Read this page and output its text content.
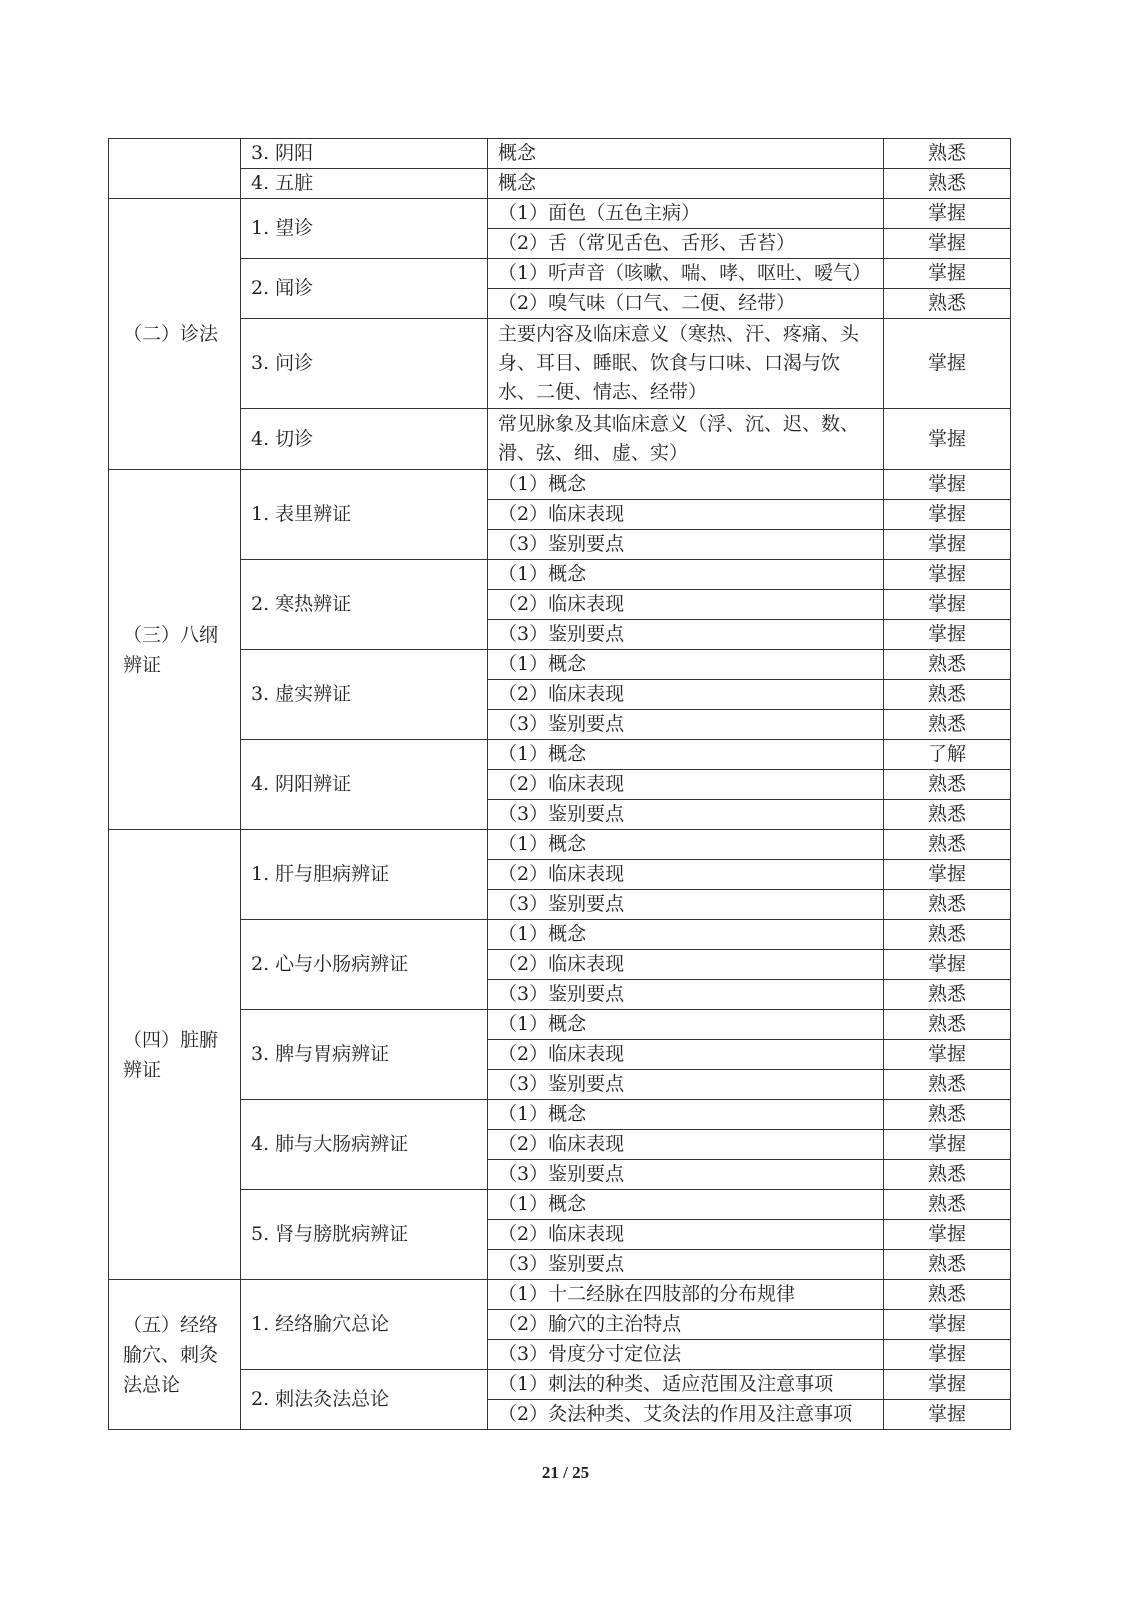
	3. 阴阳	概念	熟悉
	4. 五脏	概念	熟悉
（二）诊法	1. 望诊	（1）面色（五色主病）	掌握
		（2）舌（常见舌色、舌形、舌苔）	掌握
	2. 闻诊	（1）听声音（咳嗽、喘、哮、呕吐、嗳气）	掌握
		（2）嗅气味（口气、二便、经带）	熟悉
	3. 问诊	主要内容及临床意义（寒热、汗、疼痛、头身、耳目、睡眠、饮食与口味、口渴与饮水、二便、情志、经带）	掌握
	4. 切诊	常见脉象及其临床意义（浮、沉、迟、数、滑、弦、细、虚、实）	掌握
（三）八纲辨证	1. 表里辨证	（1）概念	掌握
		（2）临床表现	掌握
		（3）鉴别要点	掌握
	2. 寒热辨证	（1）概念	掌握
		（2）临床表现	掌握
		（3）鉴别要点	掌握
	3. 虚实辨证	（1）概念	熟悉
		（2）临床表现	熟悉
		（3）鉴别要点	熟悉
	4. 阴阳辨证	（1）概念	了解
		（2）临床表现	熟悉
		（3）鉴别要点	熟悉
（四）脏腑辨证	1. 肝与胆病辨证	（1）概念	熟悉
		（2）临床表现	掌握
		（3）鉴别要点	熟悉
	2. 心与小肠病辨证	（1）概念	熟悉
		（2）临床表现	掌握
		（3）鉴别要点	熟悉
	3. 脾与胃病辨证	（1）概念	熟悉
		（2）临床表现	掌握
		（3）鉴别要点	熟悉
	4. 肺与大肠病辨证	（1）概念	熟悉
		（2）临床表现	掌握
		（3）鉴别要点	熟悉
	5. 肾与膀胱病辨证	（1）概念	熟悉
		（2）临床表现	掌握
		（3）鉴别要点	熟悉
（五）经络腧穴、刺灸法总论	1. 经络腧穴总论	（1）十二经脉在四肢部的分布规律	熟悉
		（2）腧穴的主治特点	掌握
		（3）骨度分寸定位法	掌握
	2. 刺法灸法总论	（1）刺法的种类、适应范围及注意事项	掌握
		（2）灸法种类、艾灸法的作用及注意事项	掌握
21 / 25
